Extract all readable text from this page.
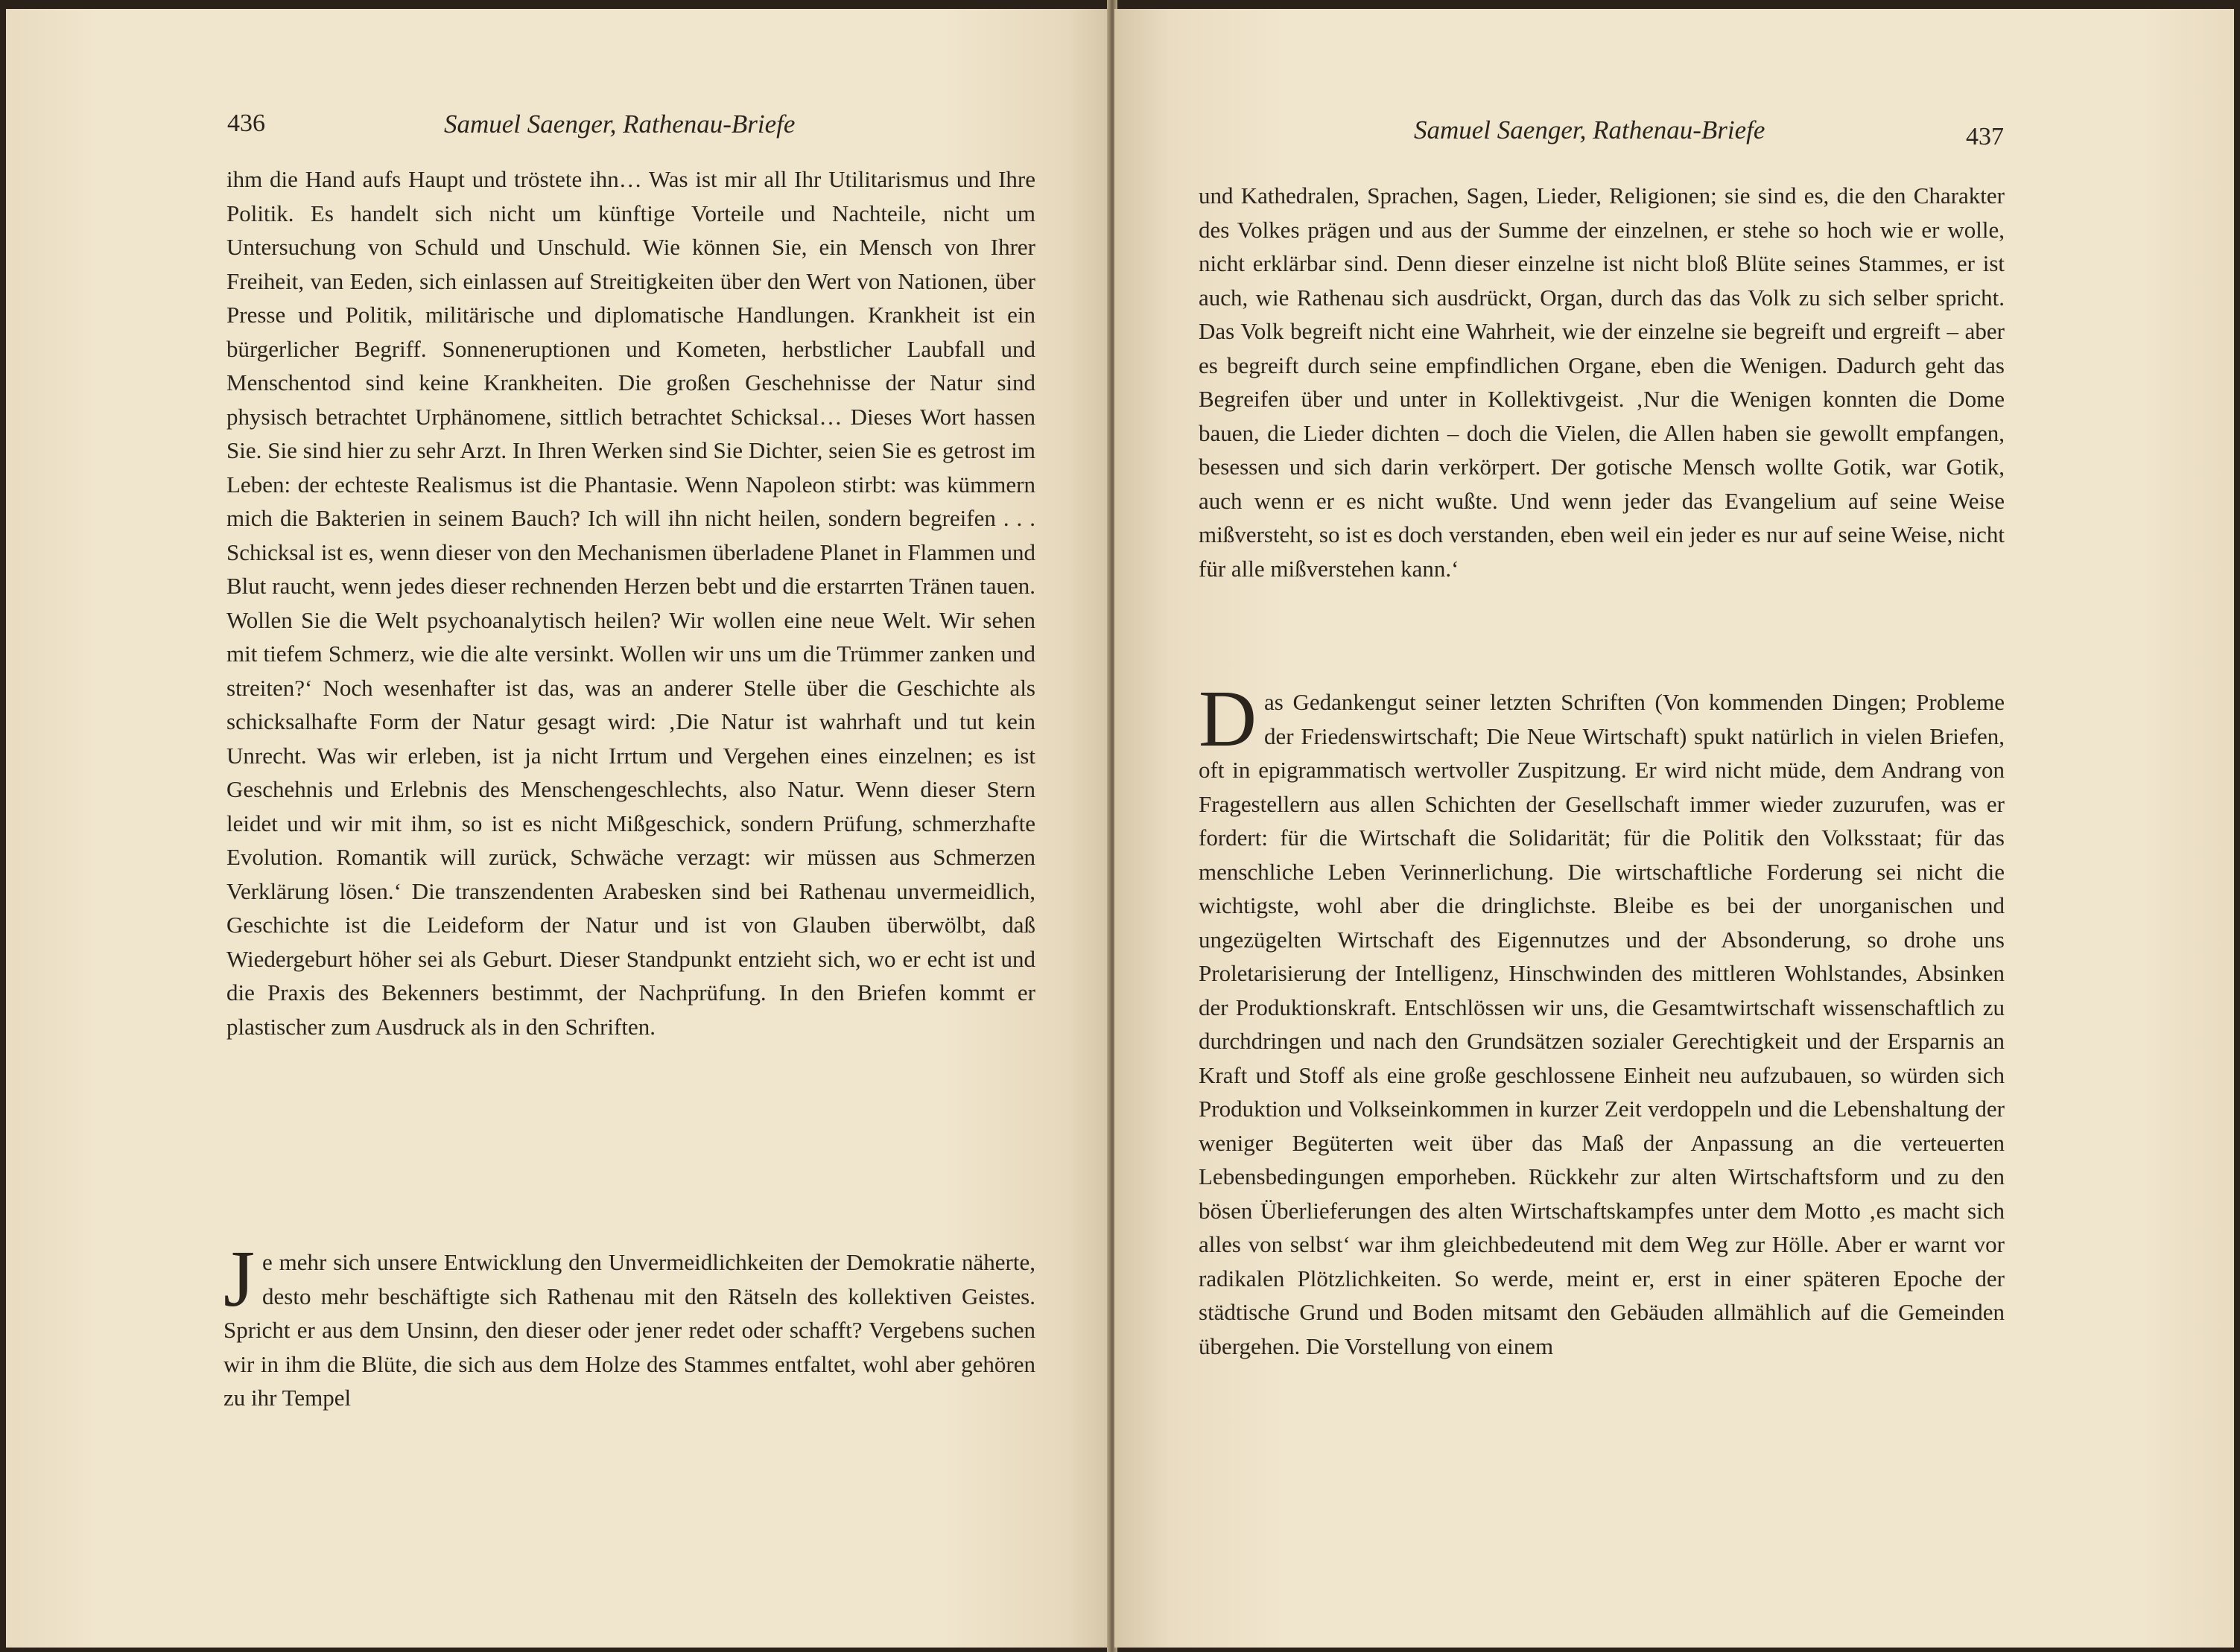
436	Samuel Saenger, Rathenau-Briefe

ihm die Hand aufs Haupt und tröstete ihn… Was ist mir all Ihr Utilitarismus und Ihre Politik. Es handelt sich nicht um künftige Vorteile und Nachteile, nicht um Untersuchung von Schuld und Unschuld. Wie können Sie, ein Mensch von Ihrer Freiheit, van Eeden, sich einlassen auf Streitigkeiten über den Wert von Nationen, über Presse und Politik, militärische und diplomatische Handlungen. Krankheit ist ein bürgerlicher Begriff. Sonneneruptionen und Kometen, herbstlicher Laubfall und Menschentod sind keine Krankheiten. Die großen Geschehnisse der Natur sind physisch betrachtet Urphänomene, sittlich betrachtet Schicksal… Dieses Wort hassen Sie. Sie sind hier zu sehr Arzt. In Ihren Werken sind Sie Dichter, seien Sie es getrost im Leben: der echteste Realismus ist die Phantasie. Wenn Napoleon stirbt: was kümmern mich die Bakterien in seinem Bauch? Ich will ihn nicht heilen, sondern begreifen . . . Schicksal ist es, wenn dieser von den Mechanismen überladene Planet in Flammen und Blut raucht, wenn jedes dieser rechnenden Herzen bebt und die erstarrten Tränen tauen. Wollen Sie die Welt psychoanalytisch heilen? Wir wollen eine neue Welt. Wir sehen mit tiefem Schmerz, wie die alte versinkt. Wollen wir uns um die Trümmer zanken und streiten?‘ Noch wesenhafter ist das, was an anderer Stelle über die Geschichte als schicksalhafte Form der Natur gesagt wird: ‚Die Natur ist wahrhaft und tut kein Unrecht. Was wir erleben, ist ja nicht Irrtum und Vergehen eines einzelnen; es ist Geschehnis und Erlebnis des Menschengeschlechts, also Natur. Wenn dieser Stern leidet und wir mit ihm, so ist es nicht Mißgeschick, sondern Prüfung, schmerzhafte Evolution. Romantik will zurück, Schwäche verzagt: wir müssen aus Schmerzen Verklärung lösen.‘ Die transzendenten Arabesken sind bei Rathenau unvermeidlich, Geschichte ist die Leideform der Natur und ist von Glauben überwölbt, daß Wiedergeburt höher sei als Geburt. Dieser Standpunkt entzieht sich, wo er echt ist und die Praxis des Bekenners bestimmt, der Nachprüfung. In den Briefen kommt er plastischer zum Ausdruck als in den Schriften.

Je mehr sich unsere Entwicklung den Unvermeidlichkeiten der Demokratie näherte, desto mehr beschäftigte sich Rathenau mit den Rätseln des kollektiven Geistes. Spricht er aus dem Unsinn, den dieser oder jener redet oder schafft? Vergebens suchen wir in ihm die Blüte, die sich aus dem Holze des Stammes entfaltet, wohl aber gehören zu ihr Tempel

Samuel Saenger, Rathenau-Briefe	437

und Kathedralen, Sprachen, Sagen, Lieder, Religionen; sie sind es, die den Charakter des Volkes prägen und aus der Summe der einzelnen, er stehe so hoch wie er wolle, nicht erklärbar sind. Denn dieser einzelne ist nicht bloß Blüte seines Stammes, er ist auch, wie Rathenau sich ausdrückt, Organ, durch das das Volk zu sich selber spricht. Das Volk begreift nicht eine Wahrheit, wie der einzelne sie begreift und ergreift – aber es begreift durch seine empfindlichen Organe, eben die Wenigen. Dadurch geht das Begreifen über und unter in Kollektivgeist. ‚Nur die Wenigen konnten die Dome bauen, die Lieder dichten – doch die Vielen, die Allen haben sie gewollt empfangen, besessen und sich darin verkörpert. Der gotische Mensch wollte Gotik, war Gotik, auch wenn er es nicht wußte. Und wenn jeder das Evangelium auf seine Weise mißversteht, so ist es doch verstanden, eben weil ein jeder es nur auf seine Weise, nicht für alle mißverstehen kann.‘

Das Gedankengut seiner letzten Schriften (Von kommenden Dingen; Probleme der Friedenswirtschaft; Die Neue Wirtschaft) spukt natürlich in vielen Briefen, oft in epigrammatisch wertvoller Zuspitzung. Er wird nicht müde, dem Andrang von Fragestellern aus allen Schichten der Gesellschaft immer wieder zuzurufen, was er fordert: für die Wirtschaft die Solidarität; für die Politik den Volksstaat; für das menschliche Leben Verinnerlichung. Die wirtschaftliche Forderung sei nicht die wichtigste, wohl aber die dringlichste. Bleibe es bei der unorganischen und ungezügelten Wirtschaft des Eigennutzes und der Absonderung, so drohe uns Proletarisierung der Intelligenz, Hinschwinden des mittleren Wohlstandes, Absinken der Produktionskraft. Entschlössen wir uns, die Gesamtwirtschaft wissenschaftlich zu durchdringen und nach den Grundsätzen sozialer Gerechtigkeit und der Ersparnis an Kraft und Stoff als eine große geschlossene Einheit neu aufzubauen, so würden sich Produktion und Volkseinkommen in kurzer Zeit verdoppeln und die Lebenshaltung der weniger Begüterten weit über das Maß der Anpassung an die verteuerten Lebensbedingungen emporheben. Rückkehr zur alten Wirtschaftsform und zu den bösen Überlieferungen des alten Wirtschaftskampfes unter dem Motto ‚es macht sich alles von selbst‘ war ihm gleichbedeutend mit dem Weg zur Hölle. Aber er warnt vor radikalen Plötzlichkeiten. So werde, meint er, erst in einer späteren Epoche der städtische Grund und Boden mitsamt den Gebäuden allmählich auf die Gemeinden übergehen. Die Vorstellung von einem
